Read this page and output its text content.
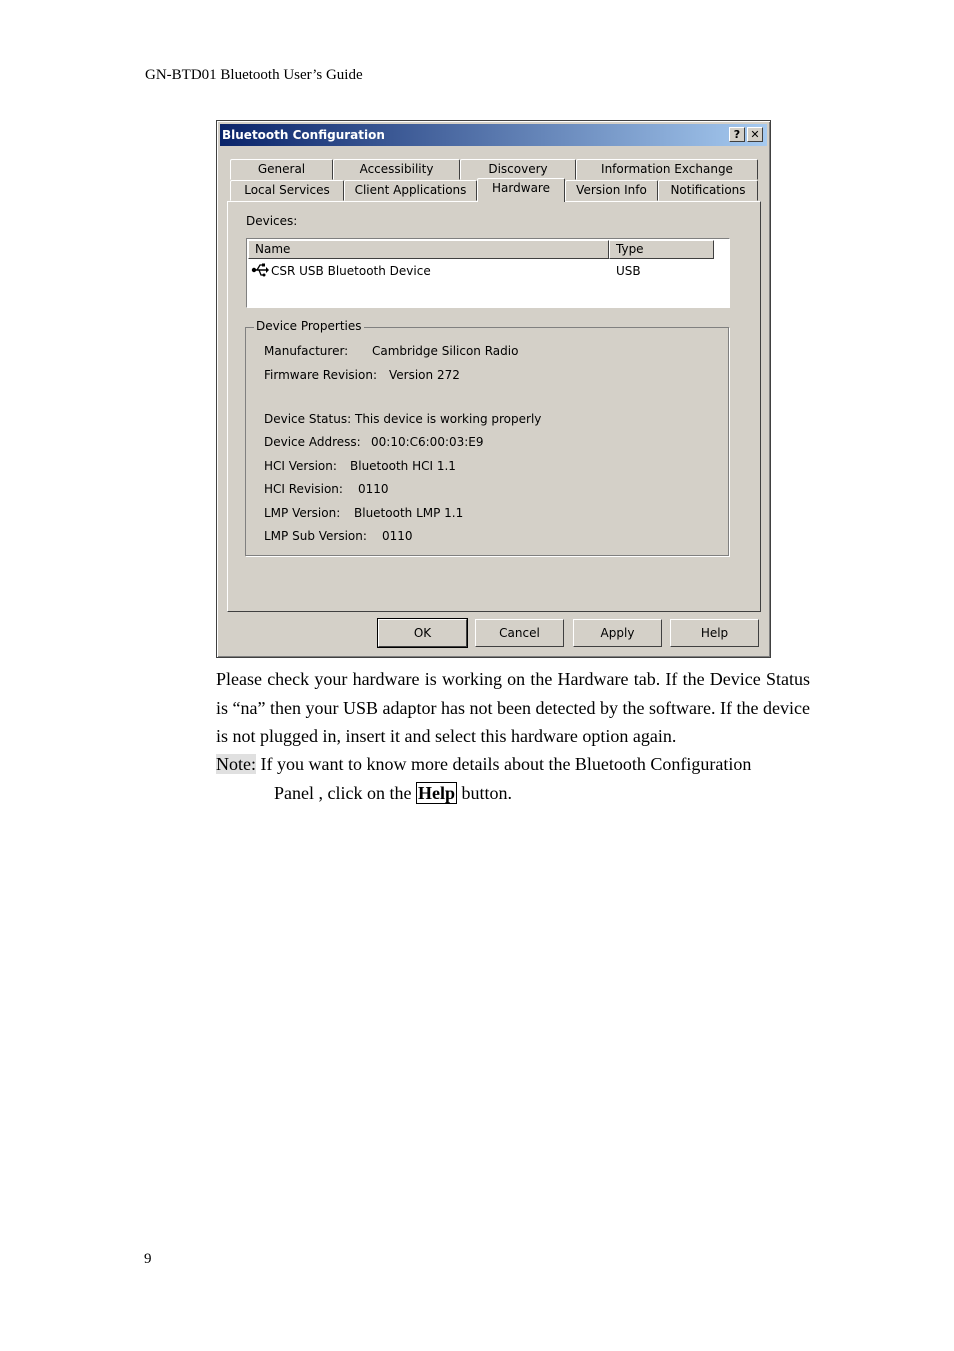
GN-BTD01 Bluetooth User’s Guide
Bluetooth Configuration	? ✕
General	Accessibility	Discovery	Information Exchange
Local Services	Client Applications	Hardware	Version Info	Notifications
Devices:
Name	Type
CSR USB Bluetooth Device	USB
Device Properties
Manufacturer: Cambridge Silicon Radio
Firmware Revision: Version 272
Device Status: This device is working properly
Device Address: 00:10:C6:00:03:E9
HCI Version: Bluetooth HCI 1.1
HCI Revision: 0110
LMP Version: Bluetooth LMP 1.1
LMP Sub Version: 0110
OK	Cancel	Apply	Help
Please check your hardware is working on the Hardware tab. If the Device Status is “na” then your USB adaptor has not been detected by the software. If the device is not plugged in, insert it and select this hardware option again.
Note: If you want to know more details about the Bluetooth Configuration
Panel , click on the Help button.
9
